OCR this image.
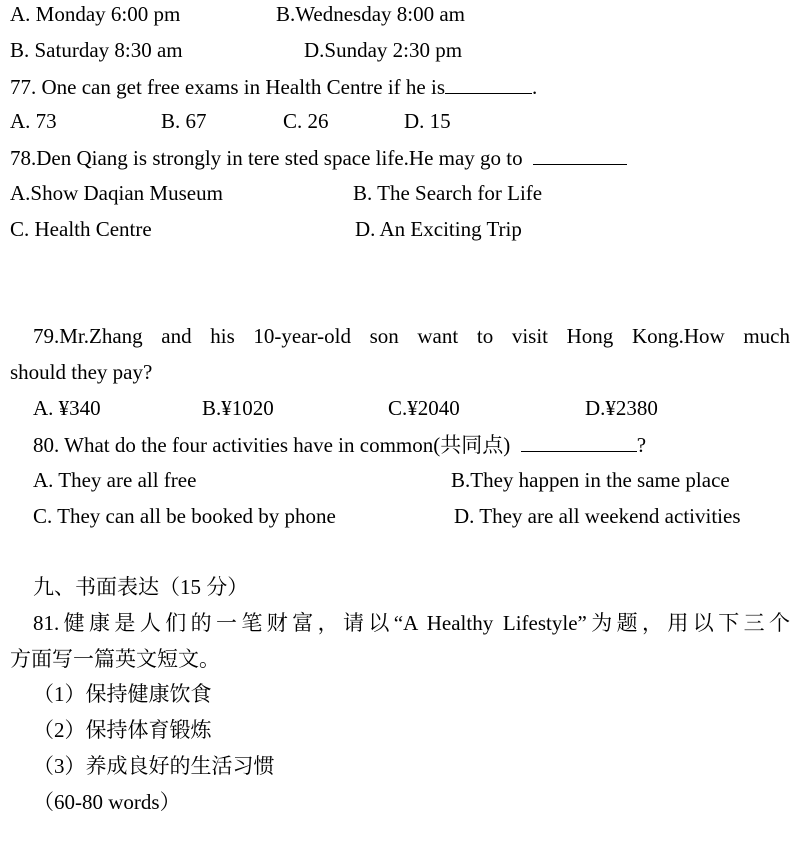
A. Monday 6:00 pm	B.Wednesday 8:00 am
B. Saturday 8:30 am	D.Sunday 2:30 pm
77. One can get free exams in Health Centre if he is	.
A. 73	B. 67	C. 26	D. 15
78.Den Qiang is strongly in tere sted space life.He may go to
A.Show Daqian Museum	B. The Search for Life
C. Health Centre	D. An Exciting Trip
79.Mr.Zhang and his 10-year-old son want to visit Hong Kong.How much
should they pay?
A. ¥340	B.¥1020	C.¥2040	D.¥2380
80. What do the four activities have in common(共同点)	?
A. They are all free	B.They happen in the same place
C. They can all be booked by phone	D. They are all weekend activities
九、书面表达（15 分）
81.健康是人们的一笔财富，请以“A Healthy Lifestyle”为题，用以下三个
方面写一篇英文短文。
（1）保持健康饮食
（2）保持体育锻炼
（3）养成良好的生活习惯
（60-80 words）
